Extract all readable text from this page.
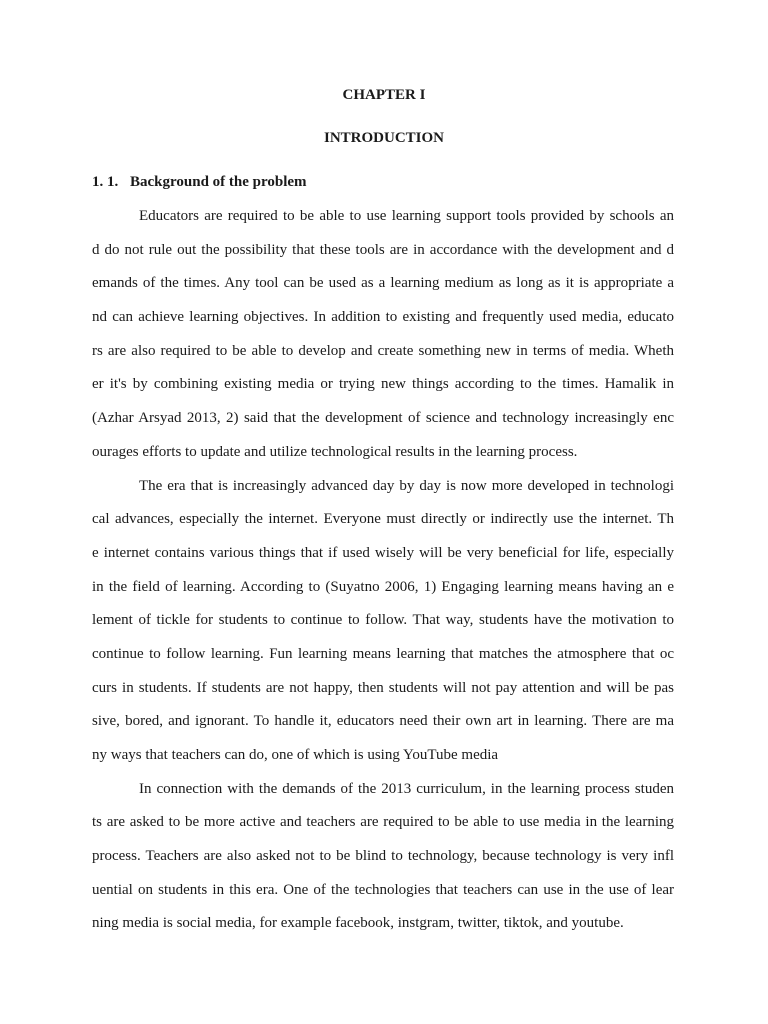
CHAPTER I
INTRODUCTION
1. 1. Background of the problem
Educators are required to be able to use learning support tools provided by schools an
d do not rule out the possibility that these tools are in accordance with the development and d
emands of the times. Any tool can be used as a learning medium as long as it is appropriate a
nd can achieve learning objectives. In addition to existing and frequently used media, educato
rs are also required to be able to develop and create something new in terms of media. Wheth
er it's by combining existing media or trying new things according to the times. Hamalik in
(Azhar Arsyad 2013, 2) said that the development of science and technology increasingly enc
ourages efforts to update and utilize technological results in the learning process.
The era that is increasingly advanced day by day is now more developed in technologi
cal advances, especially the internet. Everyone must directly or indirectly use the internet. Th
e internet contains various things that if used wisely will be very beneficial for life, especially
in the field of learning. According to (Suyatno 2006, 1) Engaging learning means having an e
lement of tickle for students to continue to follow. That way, students have the motivation to
continue to follow learning. Fun learning means learning that matches the atmosphere that oc
curs in students. If students are not happy, then students will not pay attention and will be pas
sive, bored, and ignorant. To handle it, educators need their own art in learning. There are ma
ny ways that teachers can do, one of which is using YouTube media
In connection with the demands of the 2013 curriculum, in the learning process studen
ts are asked to be more active and teachers are required to be able to use media in the learning
process. Teachers are also asked not to be blind to technology, because technology is very infl
uential on students in this era. One of the technologies that teachers can use in the use of lear
ning media is social media, for example facebook, instgram, twitter, tiktok, and youtube.
